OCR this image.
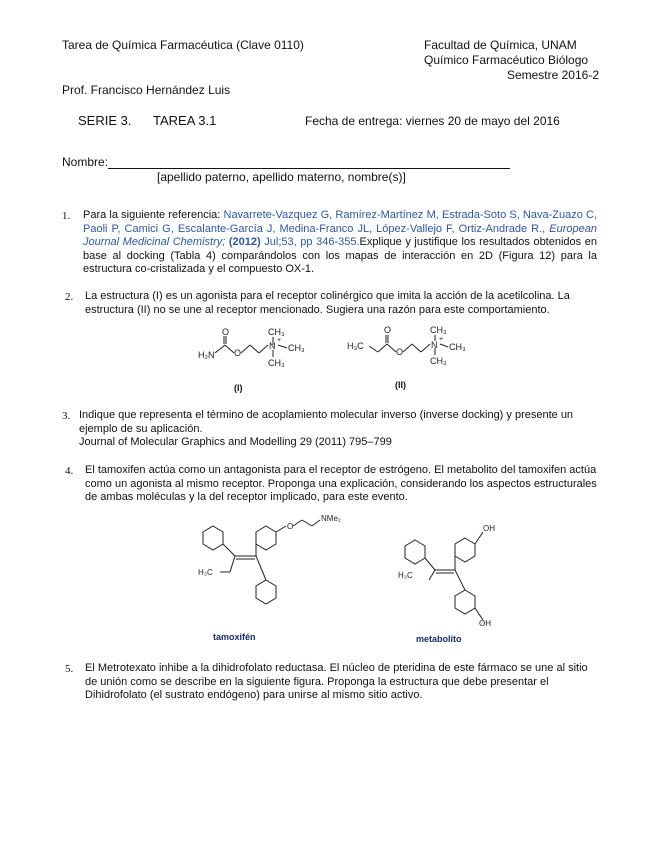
Tarea de Química Farmacéutica (Clave 0110)	Facultad de Química, UNAM
Químico Farmacéutico Biólogo
Semestre 2016-2
Prof. Francisco Hernández Luis
SERIE 3. TAREA 3.1	Fecha de entrega: viernes 20 de mayo del 2016
Nombre:
[apellido paterno, apellido materno, nombre(s)]
1. Para la siguiente referencia: Navarrete-Vazquez G, Ramírez-Martínez M, Estrada-Soto S, Nava-Zuazo C, Paoli P, Camici G, Escalante-García J, Medina-Franco JL, López-Vallejo F, Ortiz-Andrade R., European Journal Medicinal Chemistry; (2012) Jul;53, pp 346-355.Explique y justifique los resultados obtenidos en base al docking (Tabla 4) comparándolos con los mapas de interacción en 2D (Figura 12) para la estructura co-cristalizada y el compuesto OX-1.
2. La estructura (I) es un agonista para el receptor colinérgico que imita la acción de la acetilcolina. La estructura (II) no se une al receptor mencionado. Sugiera una razón para este comportamiento.
O
H₂N O
N
+
CH₃
CH₃
CH₃
(I)
H₃C
O
O
N
+
CH₃
CH₃
CH₃
(II)
3. Indique que representa el término de acoplamiento molecular inverso (inverse docking) y presente un ejemplo de su aplicación.
Journal of Molecular Graphics and Modelling 29 (2011) 795–799
4. El tamoxifen actúa como un antagonista para el receptor de estrógeno. El metabolito del tamoxifen actúa como un agonista al mismo receptor. Proponga una explicación, considerando los aspectos estructurales de ambas moléculas y la del receptor implicado, para este evento.
O
NMe₂
H₃C
tamoxifén
H₃C
OH
OH
metabolito
5. El Metrotexato inhibe a la dihidrofolato reductasa. El núcleo de pteridina de este fármaco se une al sitio de unión como se describe en la siguiente figura. Proponga la estructura que debe presentar el Dihidrofolato (el sustrato endógeno) para unirse al mismo sitio activo.
